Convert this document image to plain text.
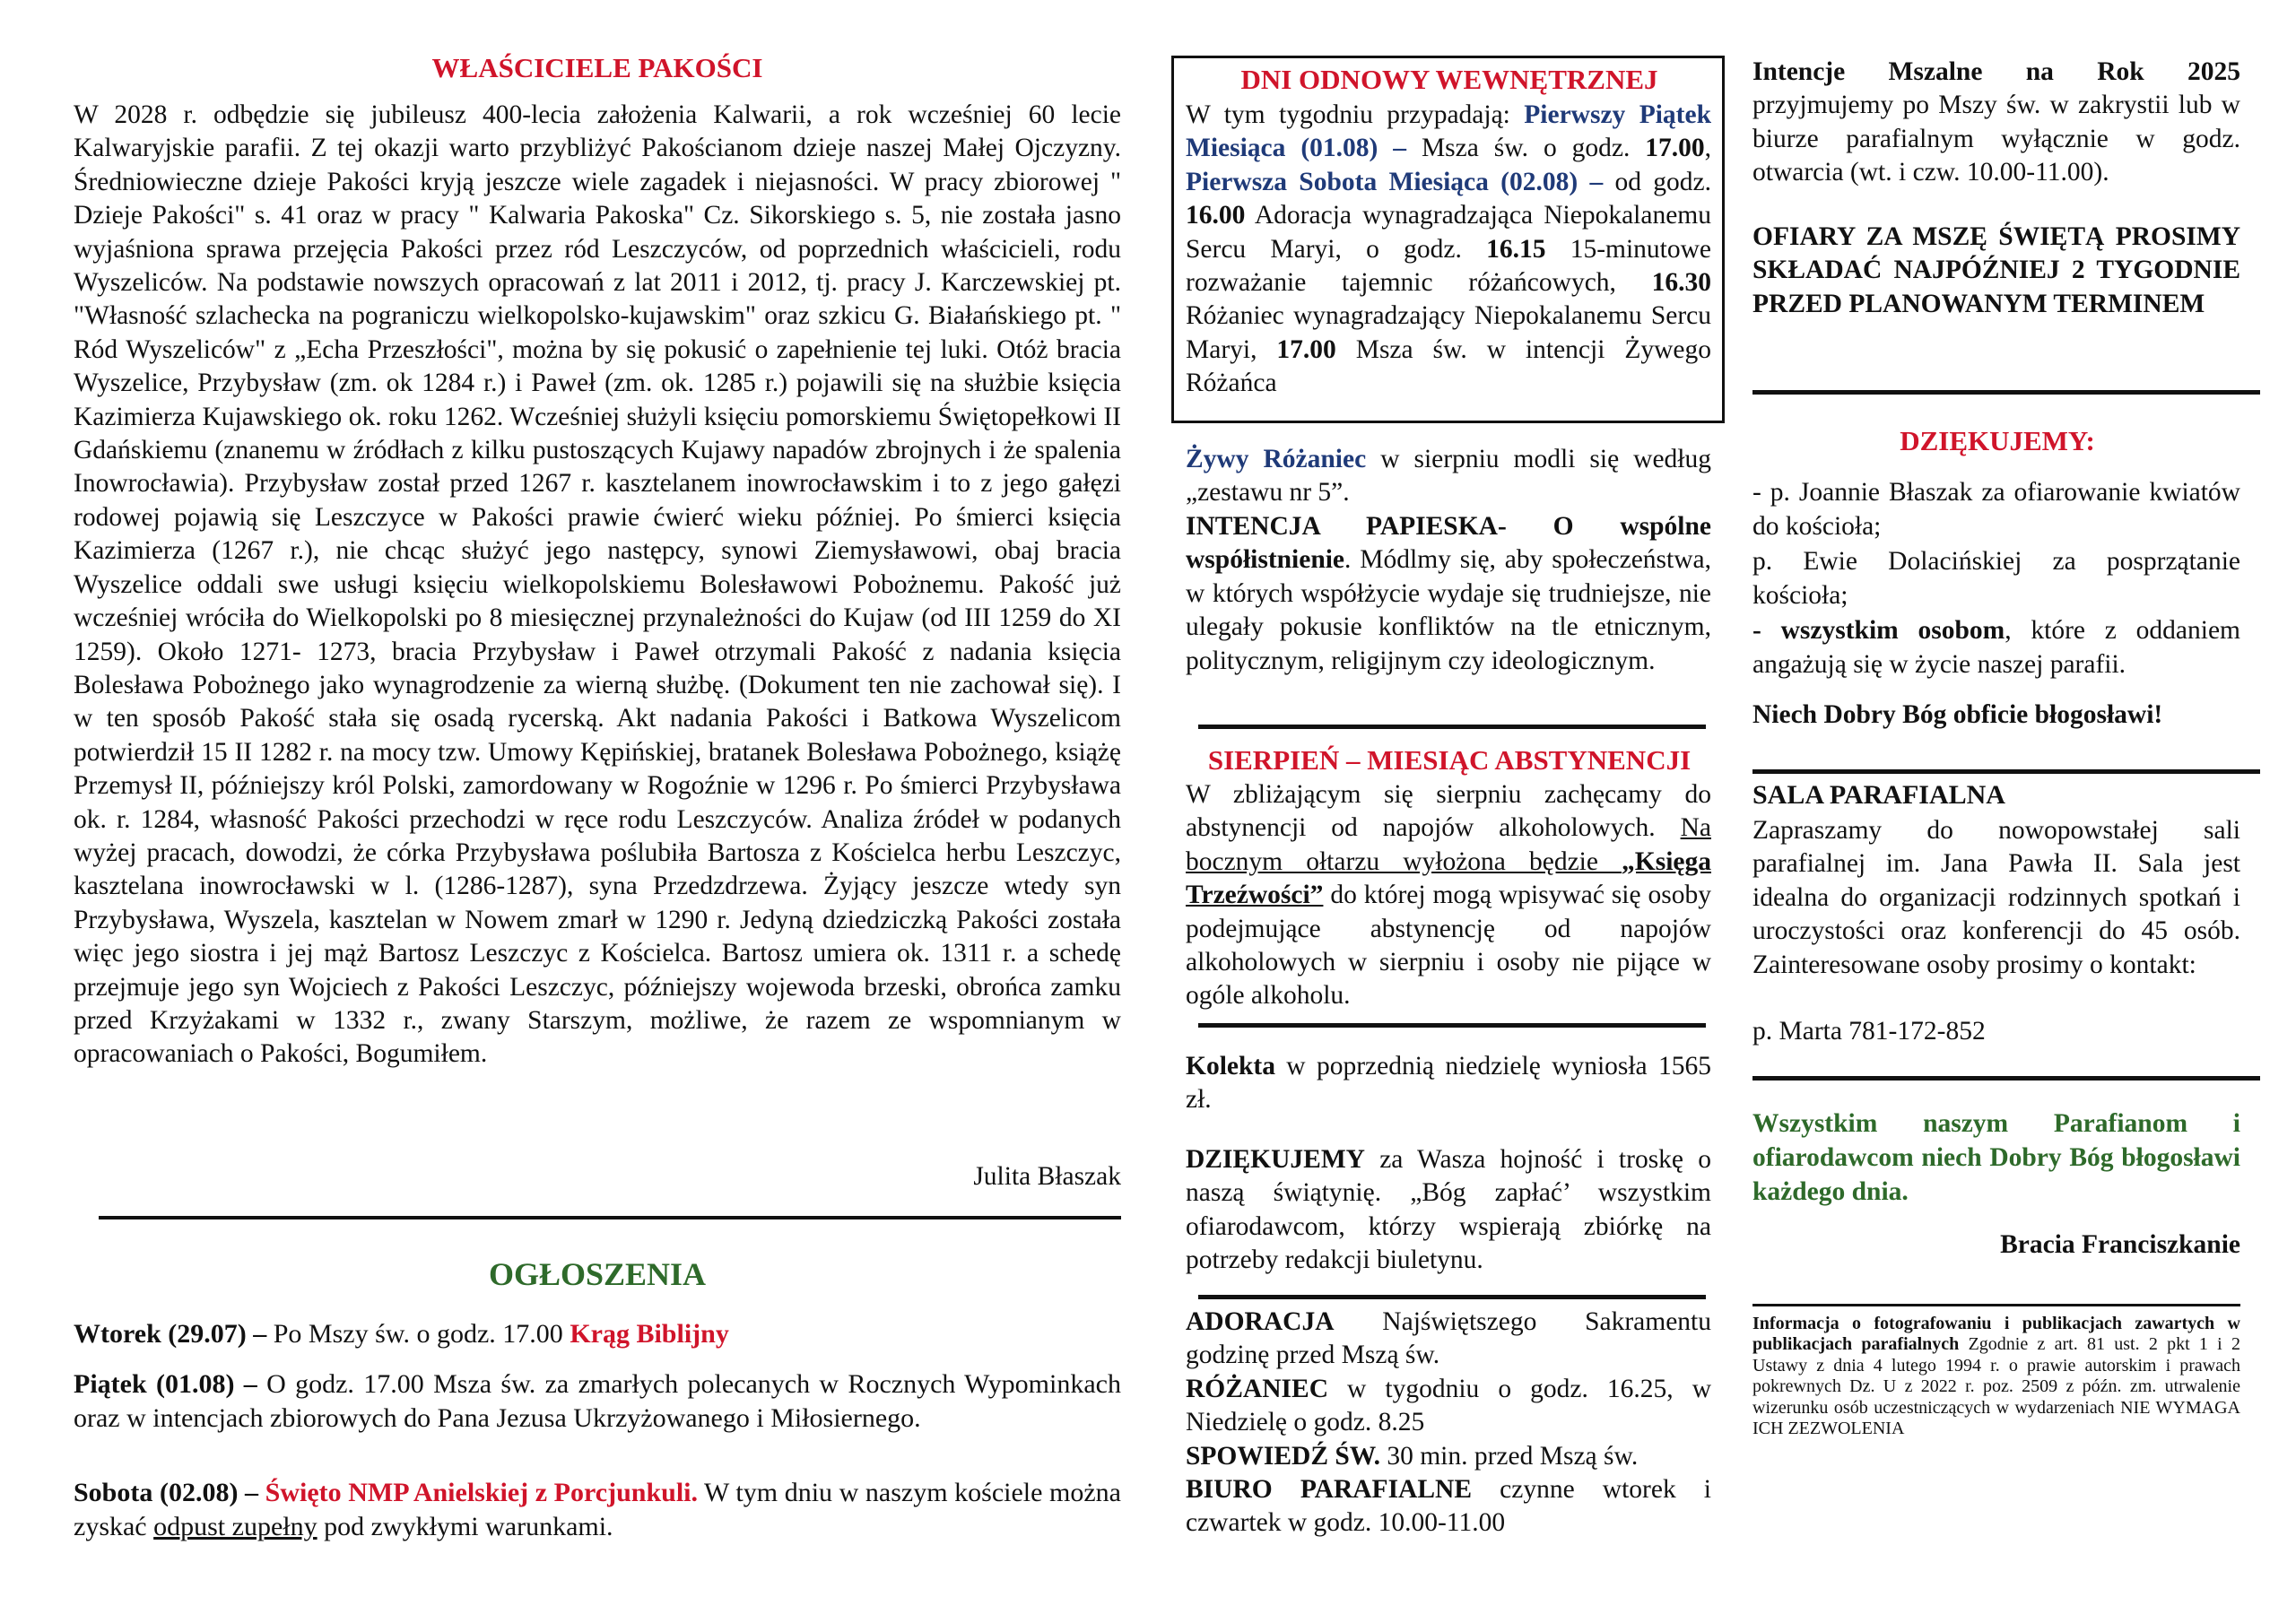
WŁAŚCICIELE PAKOŚCI

W 2028 r. odbędzie się jubileusz 400-lecia założenia Kalwarii, a rok wcześniej 60 lecie Kalwaryjskie parafii. Z tej okazji warto przybliżyć Pakościanom dzieje naszej Małej Ojczyzny. Średniowieczne dzieje Pakości kryją jeszcze wiele zagadek i niejasności. W pracy zbiorowej " Dzieje Pakości" s. 41 oraz w pracy " Kalwaria Pakoska" Cz. Sikorskiego s. 5, nie została jasno wyjaśniona sprawa przejęcia Pakości przez ród Leszczyców, od poprzednich właścicieli, rodu Wyszeliców. Na podstawie nowszych opracowań z lat 2011 i 2012, tj. pracy J. Karczewskiej pt. "Własność szlachecka na pograniczu wielkopolsko-kujawskim" oraz szkicu G. Białańskiego pt. " Ród Wyszeliców" z „Echa Przeszłości", można by się pokusić o zapełnienie tej luki. Otóż bracia Wyszelice, Przybysław (zm. ok 1284 r.) i Paweł (zm. ok. 1285 r.) pojawili się na służbie księcia Kazimierza Kujawskiego ok. roku 1262. Wcześniej służyli księciu pomorskiemu Świętopełkowi II Gdańskiemu (znanemu w źródłach z kilku pustoszących Kujawy napadów zbrojnych i że spalenia Inowrocławia). Przybysław został przed 1267 r. kasztelanem inowrocławskim i to z jego gałęzi rodowej pojawią się Leszczyce w Pakości prawie ćwierć wieku później. Po śmierci księcia Kazimierza (1267 r.), nie chcąc służyć jego następcy, synowi Ziemysławowi, obaj bracia Wyszelice oddali swe usługi księciu wielkopolskiemu Bolesławowi Pobożnemu. Pakość już wcześniej wróciła do Wielkopolski po 8 miesięcznej przynależności do Kujaw (od III 1259 do XI 1259). Około 1271- 1273, bracia Przybysław i Paweł otrzymali Pakość z nadania księcia Bolesława Pobożnego jako wynagrodzenie za wierną służbę. (Dokument ten nie zachował się). I w ten sposób Pakość stała się osadą rycerską. Akt nadania Pakości i Batkowa Wyszelicom potwierdził 15 II 1282 r. na mocy tzw. Umowy Kępińskiej, bratanek Bolesława Pobożnego, książę Przemysł II, późniejszy król Polski, zamordowany w Rogoźnie w 1296 r. Po śmierci Przybysława ok. r. 1284, własność Pakości przechodzi w ręce rodu Leszczyców. Analiza źródeł w podanych wyżej pracach, dowodzi, że córka Przybysława poślubiła Bartosza z Kościelca herbu Leszczyc, kasztelana inowrocławski w l. (1286-1287), syna Przedzdrzewa. Żyjący jeszcze wtedy syn Przybysława, Wyszela, kasztelan w Nowem zmarł w 1290 r. Jedyną dziedziczką Pakości została więc jego siostra i jej mąż Bartosz Leszczyc z Kościelca. Bartosz umiera ok. 1311 r. a schedę przejmuje jego syn Wojciech z Pakości Leszczyc, późniejszy wojewoda brzeski, obrońca zamku przed Krzyżakami w 1332 r., zwany Starszym, możliwe, że razem ze wspomnianym w opracowaniach o Pakości, Bogumiłem.

Julita Błaszak
OGŁOSZENIA

Wtorek (29.07) – Po Mszy św. o godz. 17.00 Krąg Biblijny

Piątek (01.08) – O godz. 17.00 Msza św. za zmarłych polecanych w Rocznych Wypominkach oraz w intencjach zbiorowych do Pana Jezusa Ukrzyżowanego i Miłosiernego.

Sobota (02.08) – Święto NMP Anielskiej z Porcjunkuli. W tym dniu w naszym kościele można zyskać odpust zupełny pod zwykłymi warunkami.

DNI ODNOWY WEWNĘTRZNEJ

W tym tygodniu przypadają: Pierwszy Piątek Miesiąca (01.08) – Msza św. o godz. 17.00, Pierwsza Sobota Miesiąca (02.08) – od godz. 16.00 Adoracja wynagradzająca Niepokalanemu Sercu Maryi, o godz. 16.15 15-minutowe rozważanie tajemnic różańcowych, 16.30 Różaniec wynagradzający Niepokalanemu Sercu Maryi, 17.00 Msza św. w intencji Żywego Różańca

Żywy Różaniec w sierpniu modli się według „zestawu nr 5”.

INTENCJA PAPIESKA- O wspólne współistnienie. Módlmy się, aby społeczeństwa, w których współżycie wydaje się trudniejsze, nie ulegały pokusie konfliktów na tle etnicznym, politycznym, religijnym czy ideologicznym.

SIERPIEŃ – MIESIĄC ABSTYNENCJI

W zbliżającym się sierpniu zachęcamy do abstynencji od napojów alkoholowych. Na bocznym ołtarzu wyłożona będzie „Księga Trzeźwości” do której mogą wpisywać się osoby podejmujące abstynencję od napojów alkoholowych w sierpniu i osoby nie pijące w ogóle alkoholu.

Kolekta w poprzednią niedzielę wyniosła 1565 zł.

DZIĘKUJEMY za Wasza hojność i troskę o naszą świątynię. „Bóg zapłać’ wszystkim ofiarodawcom, którzy wspierają zbiórkę na potrzeby redakcji biuletynu.

ADORACJA Najświętszego Sakramentu godzinę przed Mszą św.

RÓŻANIEC w tygodniu o godz. 16.25, w Niedzielę o godz. 8.25

SPOWIEDŹ ŚW. 30 min. przed Mszą św.

BIURO PARAFIALNE czynne wtorek i czwartek w godz. 10.00-11.00

Intencje Mszalne na Rok 2025 przyjmujemy po Mszy św. w zakrystii lub w biurze parafialnym wyłącznie w godz. otwarcia (wt. i czw. 10.00-11.00).

OFIARY ZA MSZĘ ŚWIĘTĄ PROSIMY SKŁADAĆ NAJPÓŹNIEJ 2 TYGODNIE PRZED PLANOWANYM TERMINEM

DZIĘKUJEMY:

- p. Joannie Błaszak za ofiarowanie kwiatów do kościoła;

p. Ewie Dolacińskiej za posprzątanie kościoła;

- wszystkim osobom, które z oddaniem angażują się w życie naszej parafii.

Niech Dobry Bóg obficie błogosławi!

SALA PARAFIALNA

Zapraszamy do nowopowstałej sali parafialnej im. Jana Pawła II. Sala jest idealna do organizacji rodzinnych spotkań i uroczystości oraz konferencji do 45 osób. Zainteresowane osoby prosimy o kontakt:

p. Marta 781-172-852

Wszystkim naszym Parafianom i ofiarodawcom niech Dobry Bóg błogosławi każdego dnia.

Bracia Franciszkanie

Informacja o fotografowaniu i publikacjach zawartych w publikacjach parafialnych Zgodnie z art. 81 ust. 2 pkt 1 i 2 Ustawy z dnia 4 lutego 1994 r. o prawie autorskim i prawach pokrewnych Dz. U z 2022 r. poz. 2509 z późn. zm. utrwalenie wizerunku osób uczestniczących w wydarzeniach NIE WYMAGA ICH ZEZWOLENIA
